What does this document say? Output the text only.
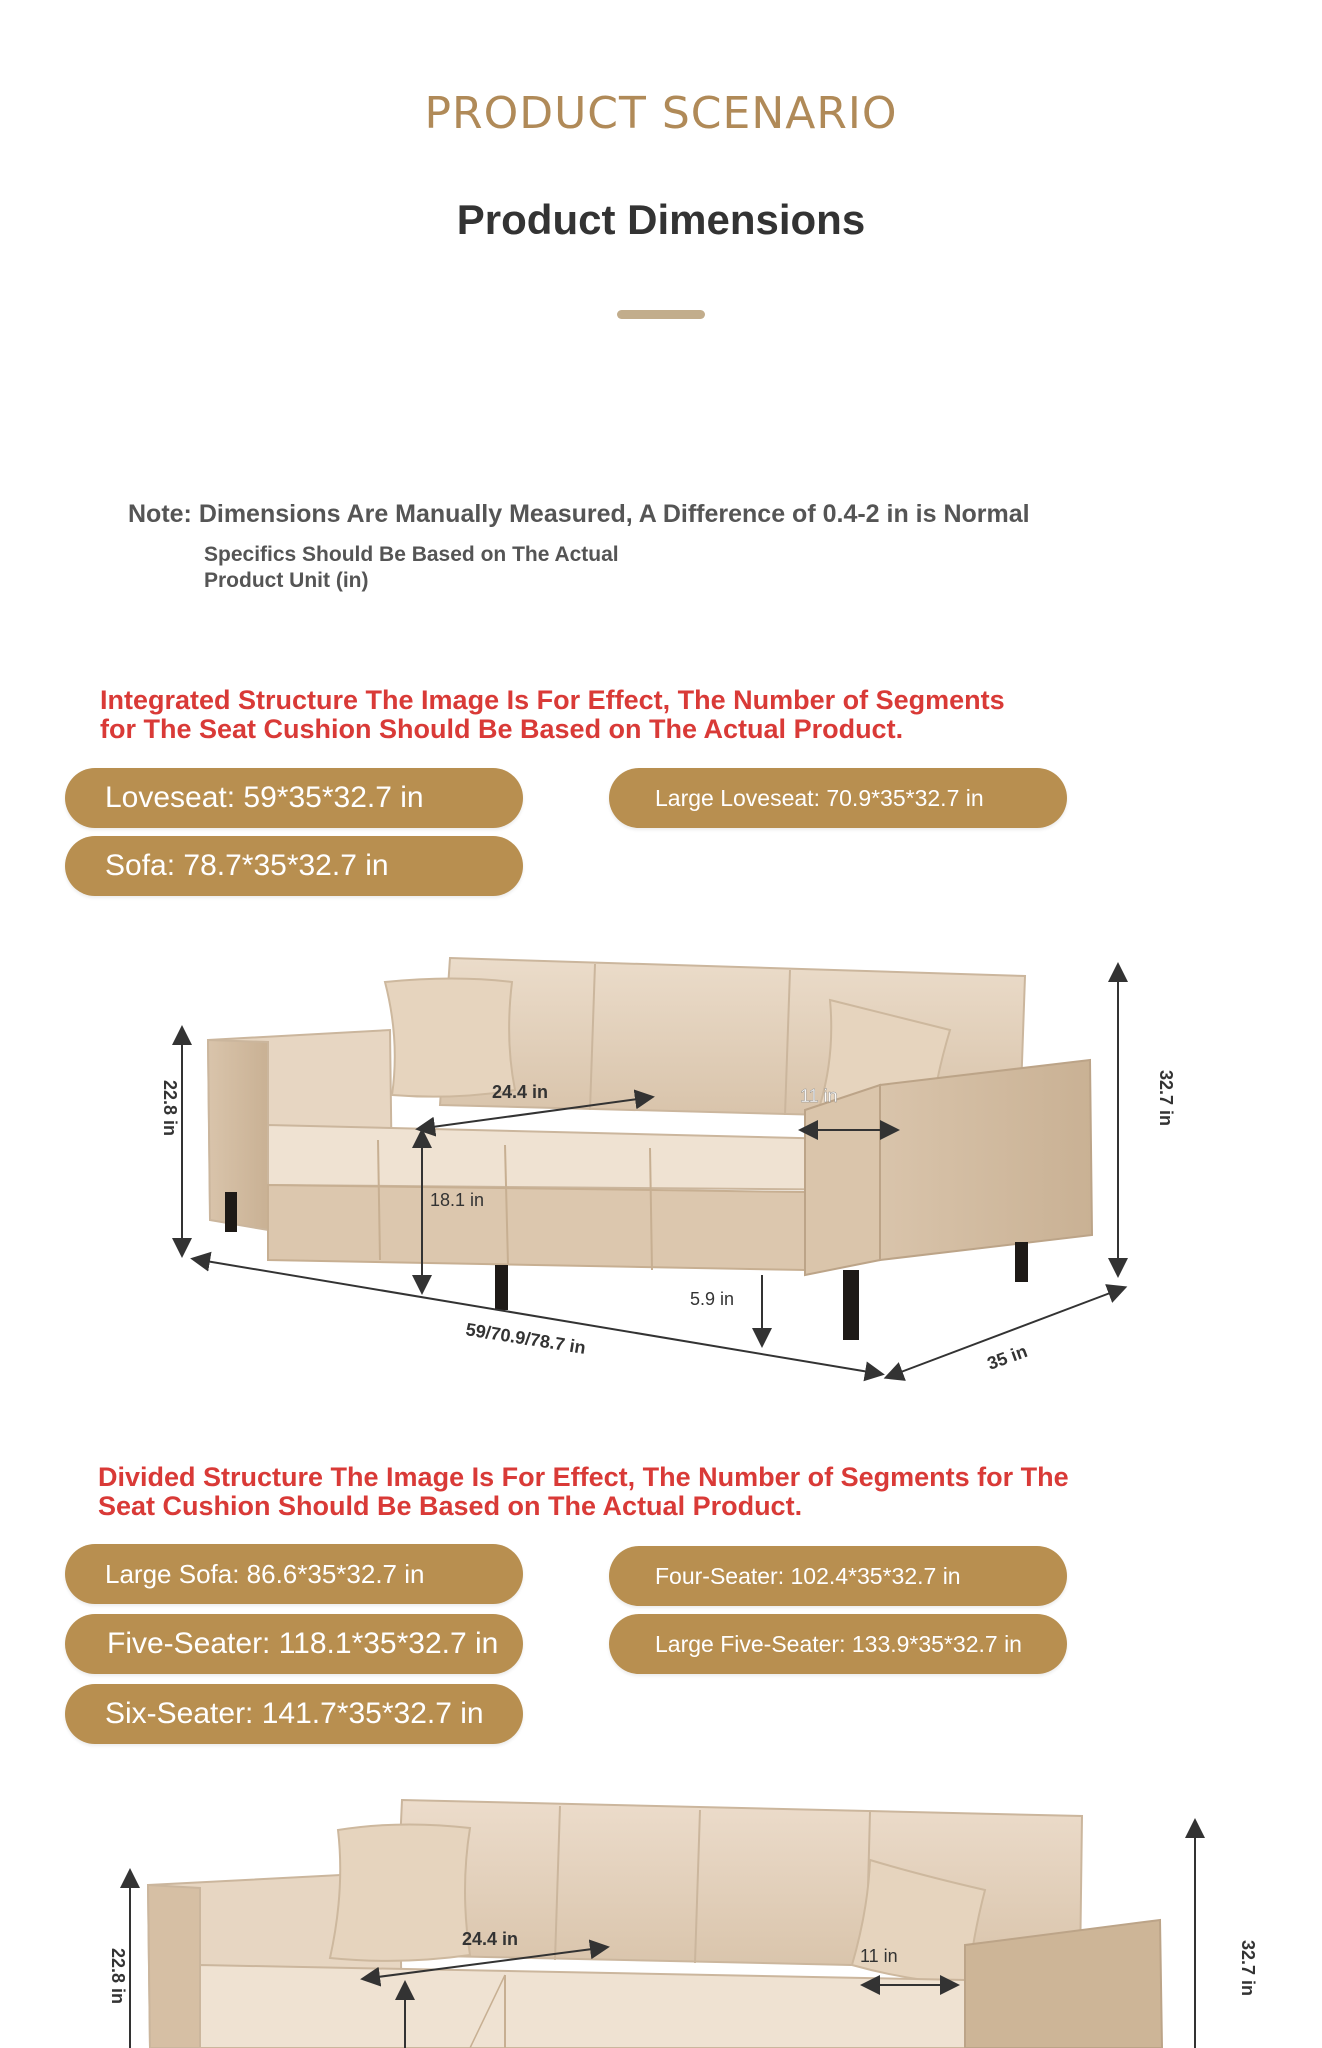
PRODUCT SCENARIO
Product Dimensions
Note: Dimensions Are Manually Measured, A Difference of 0.4-2 in is Normal
Specifics Should Be Based on The Actual
Product Unit (in)
Integrated Structure The Image Is For Effect, The Number of Segments
for The Seat Cushion Should Be Based on The Actual Product.
Loveseat: 59*35*32.7 in	Large Loveseat: 70.9*35*32.7 in
Sofa: 78.7*35*32.7 in
22.8 in	24.4 in	11 in	32.7 in
18.1 in
5.9 in
59/70.9/78.7 in	35 in
Divided Structure The Image Is For Effect, The Number of Segments for The
Seat Cushion Should Be Based on The Actual Product.
Large Sofa: 86.6*35*32.7 in	Four-Seater: 102.4*35*32.7 in
Five-Seater: 118.1*35*32.7 in	Large Five-Seater: 133.9*35*32.7 in
Six-Seater: 141.7*35*32.7 in
22.8 in
24.4 in
11 in	32.7 in
